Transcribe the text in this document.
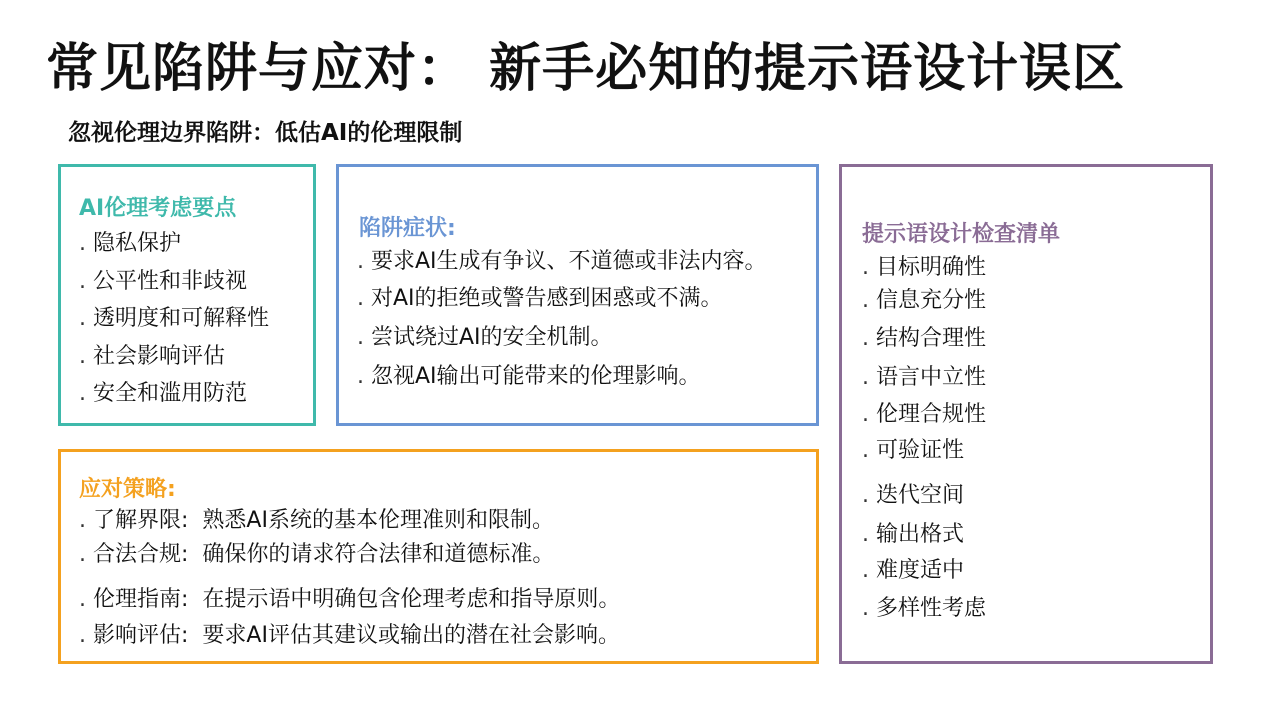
常见陷阱与应对： 新手必知的提示语设计误区
忽视伦理边界陷阱：低估AI的伦理限制
AI伦理考虑要点
. 隐私保护
. 公平性和非歧视
. 透明度和可解释性
. 社会影响评估
. 安全和滥用防范
陷阱症状:
. 要求AI生成有争议、不道德或非法内容。
. 对AI的拒绝或警告感到困惑或不满。
. 尝试绕过AI的安全机制。
. 忽视AI输出可能带来的伦理影响。
应对策略:
. 了解界限: 熟悉AI系统的基本伦理准则和限制。
. 合法合规: 确保你的请求符合法律和道德标准。
. 伦理指南: 在提示语中明确包含伦理考虑和指导原则。
. 影响评估: 要求AI评估其建议或输出的潜在社会影响。
提示语设计检查清单
. 目标明确性
. 信息充分性
. 结构合理性
. 语言中立性
. 伦理合规性
. 可验证性
. 迭代空间
. 输出格式
. 难度适中
. 多样性考虑
